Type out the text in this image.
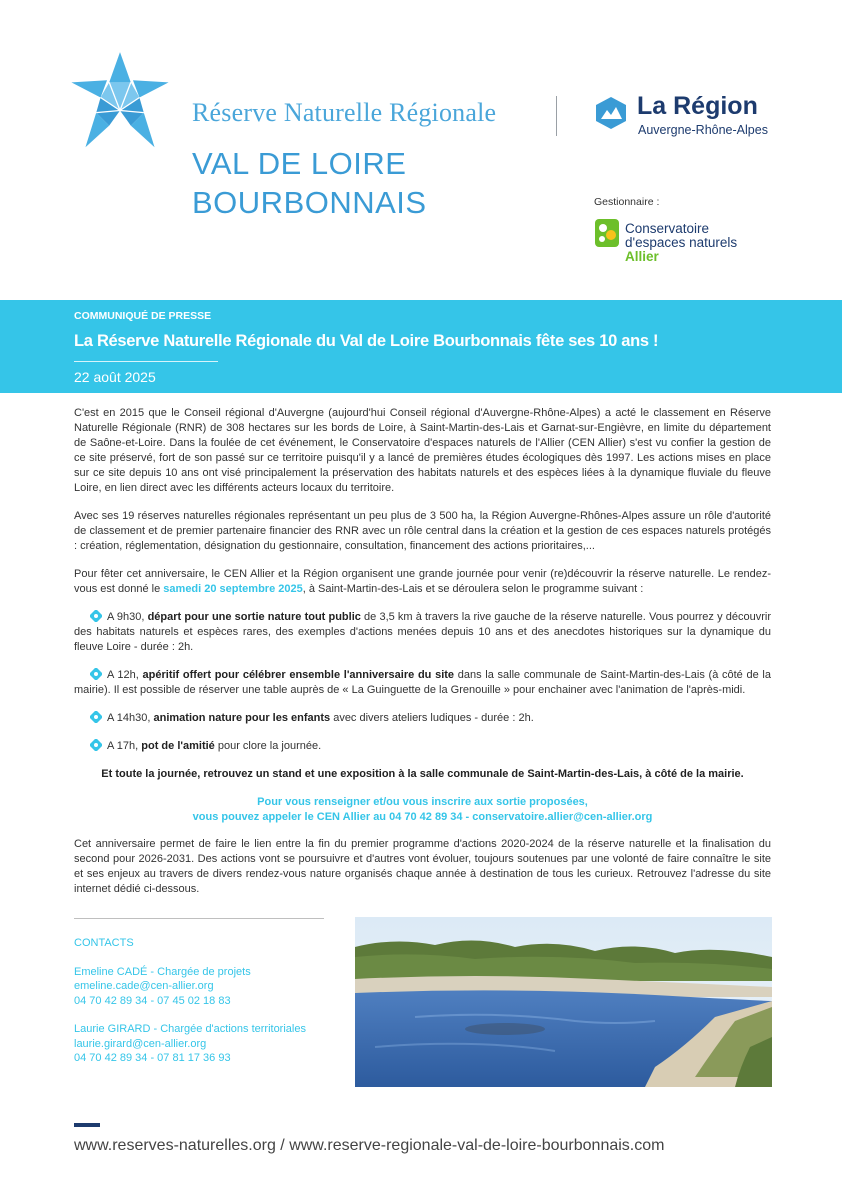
Réserve Naturelle Régionale
VAL DE LOIRE
BOURBONNAIS
La Région
Auvergne-Rhône-Alpes
Gestionnaire :
Conservatoire
d'espaces naturels
Allier
COMMUNIQUÉ DE PRESSE
La Réserve Naturelle Régionale du Val de Loire Bourbonnais fête ses 10 ans !
22 août 2025

C'est en 2015 que le Conseil régional d'Auvergne (aujourd'hui Conseil régional d'Auvergne-Rhône-Alpes) a acté le classement en Réserve Naturelle Régionale (RNR) de 308 hectares sur les bords de Loire, à Saint-Martin-des-Lais et Garnat-sur-Engièvre, en limite du département de Saône-et-Loire. Dans la foulée de cet événement, le Conservatoire d'espaces naturels de l'Allier (CEN Allier) s'est vu confier la gestion de ce site préservé, fort de son passé sur ce territoire puisqu'il y a lancé de premières études écologiques dès 1997. Les actions mises en place sur ce site depuis 10 ans ont visé principalement la préservation des habitats naturels et des espèces liées à la dynamique fluviale du fleuve Loire, en lien direct avec les différents acteurs locaux du territoire.

Avec ses 19 réserves naturelles régionales représentant un peu plus de 3 500 ha, la Région Auvergne-Rhônes-Alpes assure un rôle d'autorité de classement et de premier partenaire financier des RNR avec un rôle central dans la création et la gestion de ces espaces naturels protégés : création, réglementation, désignation du gestionnaire, consultation, financement des actions prioritaires,...

Pour fêter cet anniversaire, le CEN Allier et la Région organisent une grande journée pour venir (re)découvrir la réserve naturelle. Le rendez-vous est donné le samedi 20 septembre 2025, à Saint-Martin-des-Lais et se déroulera selon le programme suivant :

A 9h30, départ pour une sortie nature tout public de 3,5 km à travers la rive gauche de la réserve naturelle. Vous pourrez y découvrir des habitats naturels et espèces rares, des exemples d'actions menées depuis 10 ans et des anecdotes historiques sur la dynamique du fleuve Loire - durée : 2h.

A 12h, apéritif offert pour célébrer ensemble l'anniversaire du site dans la salle communale de Saint-Martin-des-Lais (à côté de la mairie). Il est possible de réserver une table auprès de « La Guinguette de la Grenouille » pour enchainer avec l'animation de l'après-midi.

A 14h30, animation nature pour les enfants avec divers ateliers ludiques - durée : 2h.

A 17h, pot de l'amitié pour clore la journée.

Et toute la journée, retrouvez un stand et une exposition à la salle communale de Saint-Martin-des-Lais, à côté de la mairie.

Pour vous renseigner et/ou vous inscrire aux sortie proposées,
vous pouvez appeler le CEN Allier au 04 70 42 89 34 - conservatoire.allier@cen-allier.org

Cet anniversaire permet de faire le lien entre la fin du premier programme d'actions 2020-2024 de la réserve naturelle et la finalisation du second pour 2026-2031. Des actions vont se poursuivre et d'autres vont évoluer, toujours soutenues par une volonté de faire connaître le site et ses enjeux au travers de divers rendez-vous nature organisés chaque année à destination de tous les curieux. Retrouvez l'adresse du site internet dédié ci-dessous.

CONTACTS
Emeline CADÉ - Chargée de projets
emeline.cade@cen-allier.org
04 70 42 89 34 - 07 45 02 18 83
Laurie GIRARD - Chargée d'actions territoriales
laurie.girard@cen-allier.org
04 70 42 89 34 - 07 81 17 36 93
www.reserves-naturelles.org / www.reserve-regionale-val-de-loire-bourbonnais.com
